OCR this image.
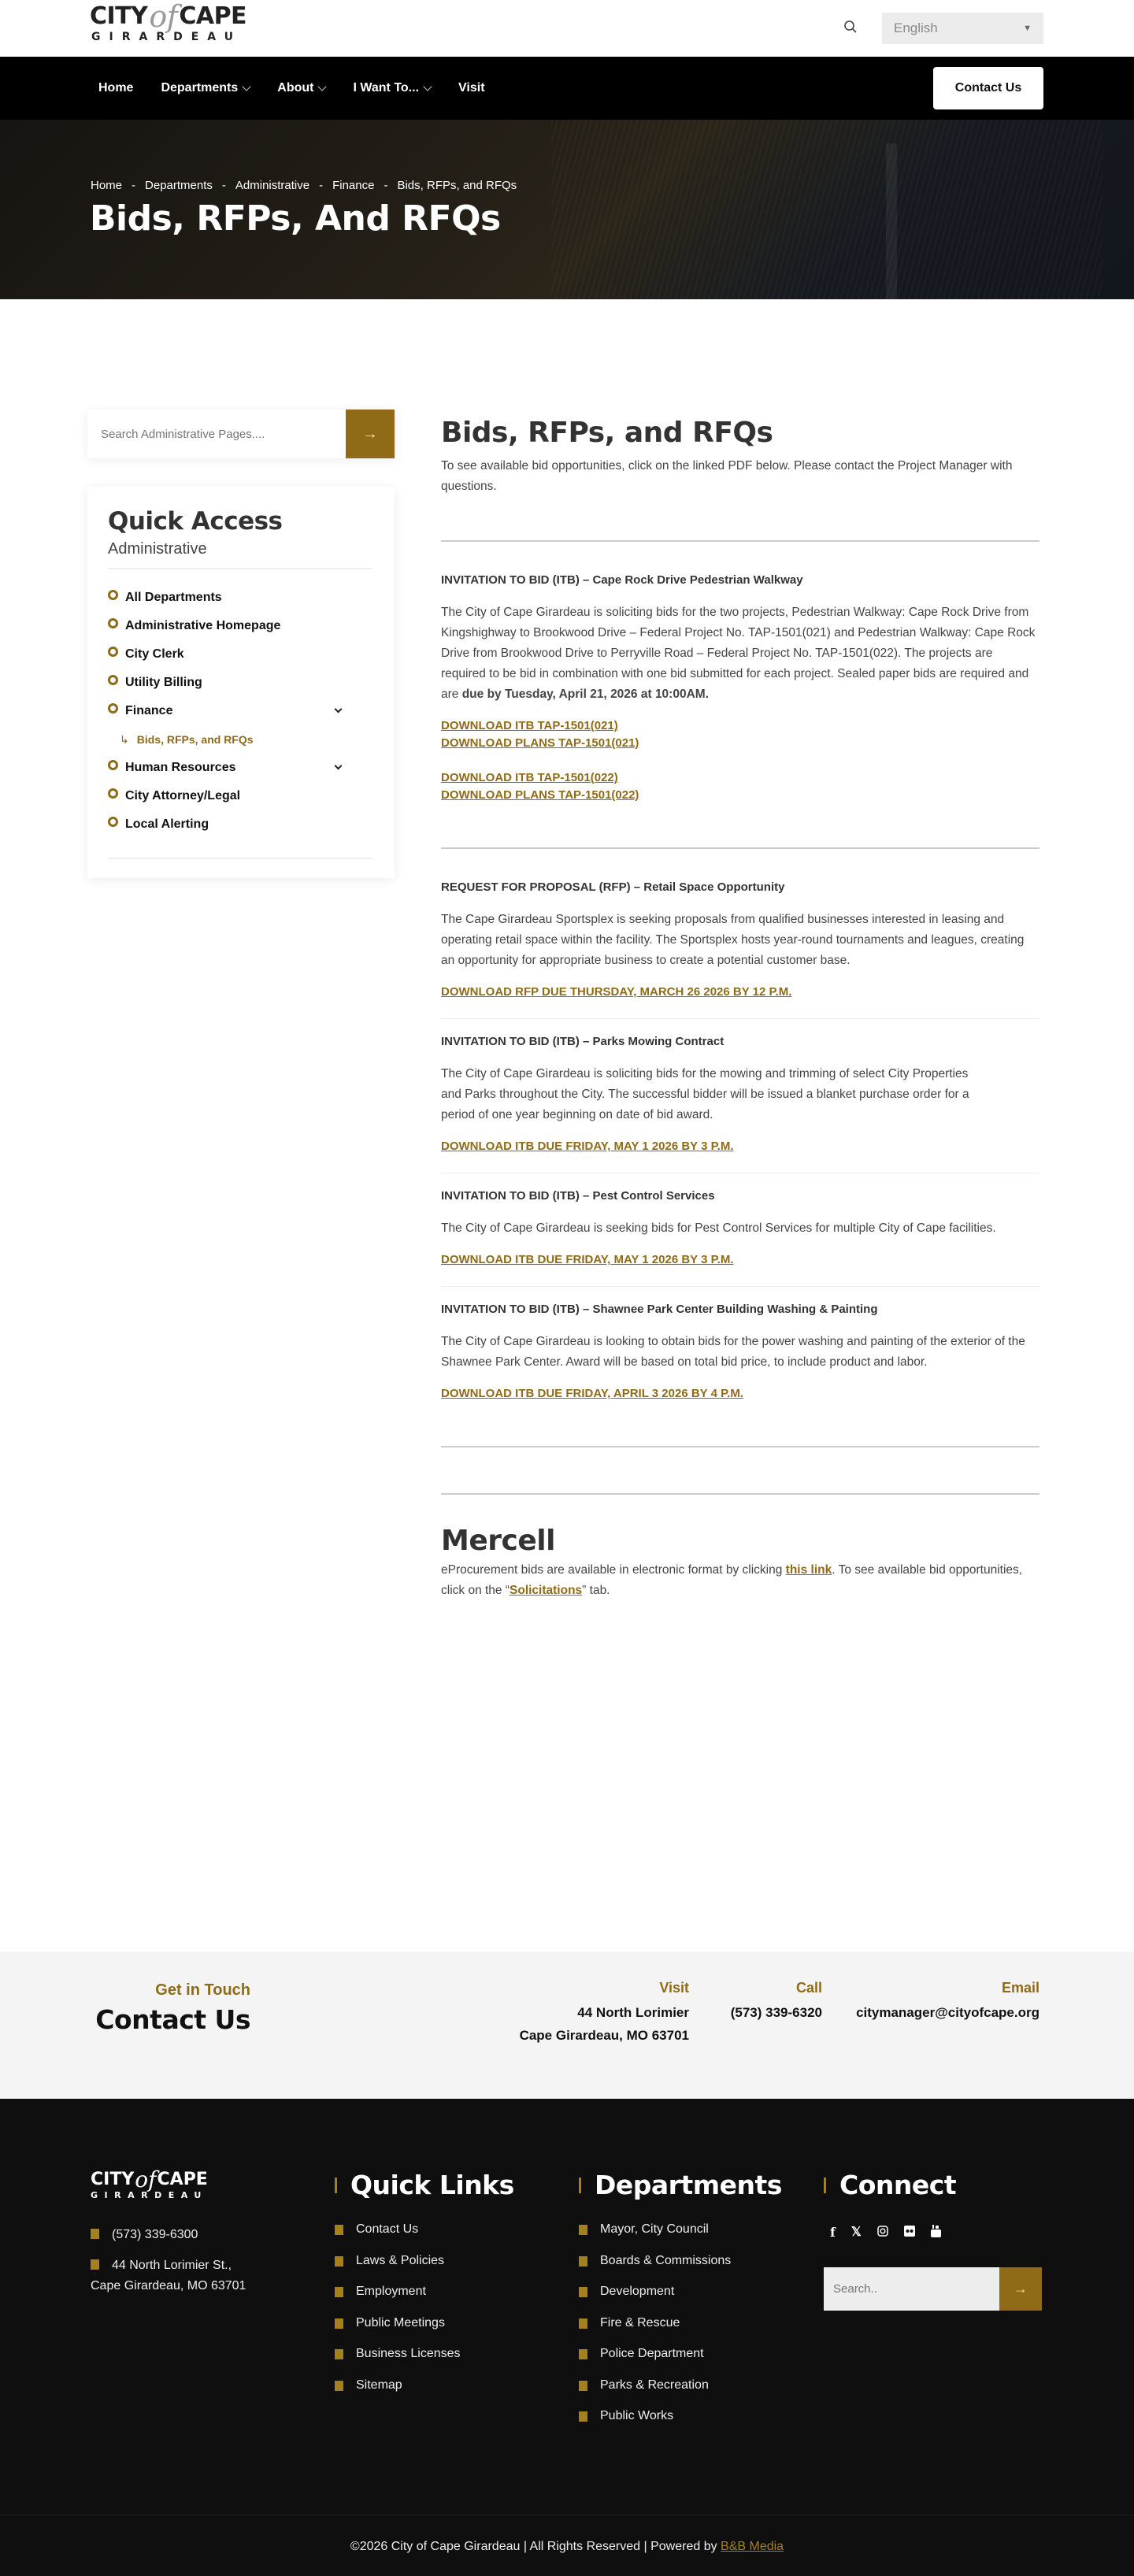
CITY of CAPE
GIRARDEAU
English	▼
Home Departments	About	I Want To...	Visit	Contact Us
Home - Departments - Administrative - Finance - Bids, RFPs, and RFQs
Bids, RFPs, And RFQs
Search Administrative Pages....
→
Quick Access
Administrative
All Departments
Administrative Homepage
City Clerk
Utility Billing
Finance
↳ Bids, RFPs, and RFQs
Human Resources
City Attorney/Legal
Local Alerting
Bids, RFPs, and RFQs

To see available bid opportunities, click on the linked PDF below. Please contact the Project Manager with questions.

INVITATION TO BID (ITB) – Cape Rock Drive Pedestrian Walkway

The City of Cape Girardeau is soliciting bids for the two projects, Pedestrian Walkway: Cape Rock Drive from Kingshighway to Brookwood Drive – Federal Project No. TAP-1501(021) and Pedestrian Walkway: Cape Rock Drive from Brookwood Drive to Perryville Road – Federal Project No. TAP-1501(022). The projects are required to be bid in combination with one bid submitted for each project. Sealed paper bids are required and are due by Tuesday, April 21, 2026 at 10:00AM.

DOWNLOAD ITB TAP-1501(021)
DOWNLOAD PLANS TAP-1501(021)
DOWNLOAD ITB TAP-1501(022)
DOWNLOAD PLANS TAP-1501(022)
REQUEST FOR PROPOSAL (RFP) – Retail Space Opportunity

The Cape Girardeau Sportsplex is seeking proposals from qualified businesses interested in leasing and operating retail space within the facility. The Sportsplex hosts year-round tournaments and leagues, creating an opportunity for appropriate business to create a potential customer base.

DOWNLOAD RFP DUE THURSDAY, MARCH 26 2026 BY 12 P.M.
INVITATION TO BID (ITB) – Parks Mowing Contract

The City of Cape Girardeau is soliciting bids for the mowing and trimming of select City Properties and Parks throughout the City. The successful bidder will be issued a blanket purchase order for a period of one year beginning on date of bid award.

DOWNLOAD ITB DUE FRIDAY, MAY 1 2026 BY 3 P.M.
INVITATION TO BID (ITB) – Pest Control Services

The City of Cape Girardeau is seeking bids for Pest Control Services for multiple City of Cape facilities.

DOWNLOAD ITB DUE FRIDAY, MAY 1 2026 BY 3 P.M.
INVITATION TO BID (ITB) – Shawnee Park Center Building Washing & Painting

The City of Cape Girardeau is looking to obtain bids for the power washing and painting of the exterior of the Shawnee Park Center. Award will be based on total bid price, to include product and labor.

DOWNLOAD ITB DUE FRIDAY, APRIL 3 2026 BY 4 P.M.
Mercell

eProcurement bids are available in electronic format by clicking this link. To see available bid opportunities, click on the “Solicitations” tab.

Get in Touch
Contact Us
Visit
44 North Lorimier
Cape Girardeau, MO 63701
Call
(573) 339-6320
Email
citymanager@cityofcape.org
CITY of CAPE
GIRARDEAU
(573) 339-6300
44 North Lorimier St.,
Cape Girardeau, MO 63701
Quick Links
Contact Us
Laws & Policies
Employment
Public Meetings
Business Licenses
Sitemap
Departments
Mayor, City Council
Boards & Commissions
Development
Fire & Rescue
Police Department
Parks & Recreation
Public Works
Connect
f 𝕏
Search..
→
©2026 City of Cape Girardeau | All Rights Reserved | Powered by B&B Media
